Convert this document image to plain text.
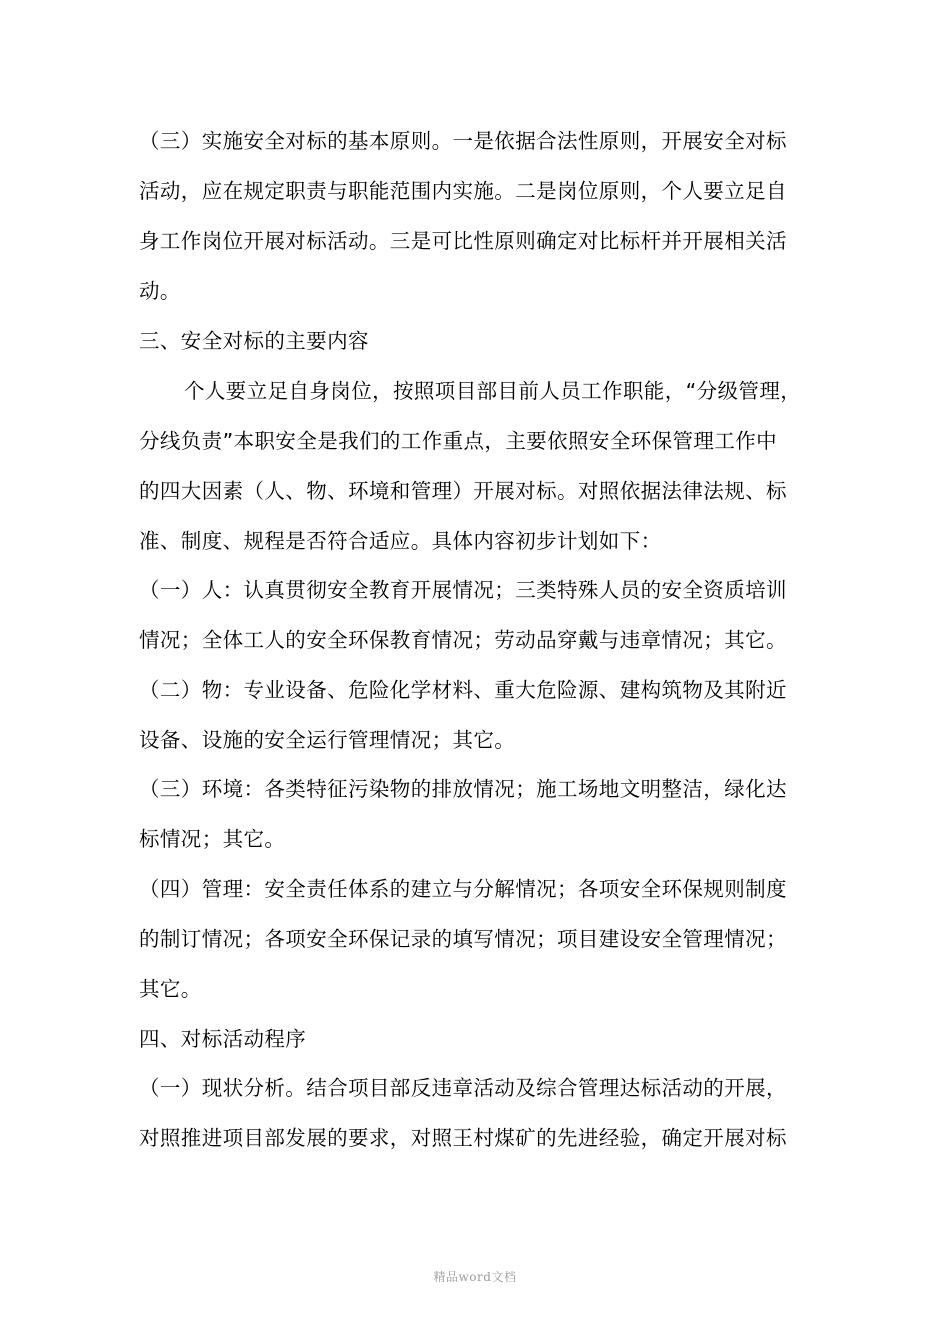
（三）实施安全对标的基本原则。一是依据合法性原则，开展安全对标
活动，应在规定职责与职能范围内实施。二是岗位原则，个人要立足自
身工作岗位开展对标活动。三是可比性原则确定对比标杆并开展相关活
动。
三、安全对标的主要内容
个人要立足自身岗位，按照项目部目前人员工作职能，“分级管理，
分线负责”本职安全是我们的工作重点，主要依照安全环保管理工作中
的四大因素（人、物、环境和管理）开展对标。对照依据法律法规、标
准、制度、规程是否符合适应。具体内容初步计划如下：
（一）人：认真贯彻安全教育开展情况；三类特殊人员的安全资质培训
情况；全体工人的安全环保教育情况；劳动品穿戴与违章情况；其它。
（二）物：专业设备、危险化学材料、重大危险源、建构筑物及其附近
设备、设施的安全运行管理情况；其它。
（三）环境：各类特征污染物的排放情况；施工场地文明整洁，绿化达
标情况；其它。
（四）管理：安全责任体系的建立与分解情况；各项安全环保规则制度
的制订情况；各项安全环保记录的填写情况；项目建设安全管理情况；
其它。
四、对标活动程序
（一）现状分析。结合项目部反违章活动及综合管理达标活动的开展，
对照推进项目部发展的要求，对照王村煤矿的先进经验，确定开展对标
精品word文档
